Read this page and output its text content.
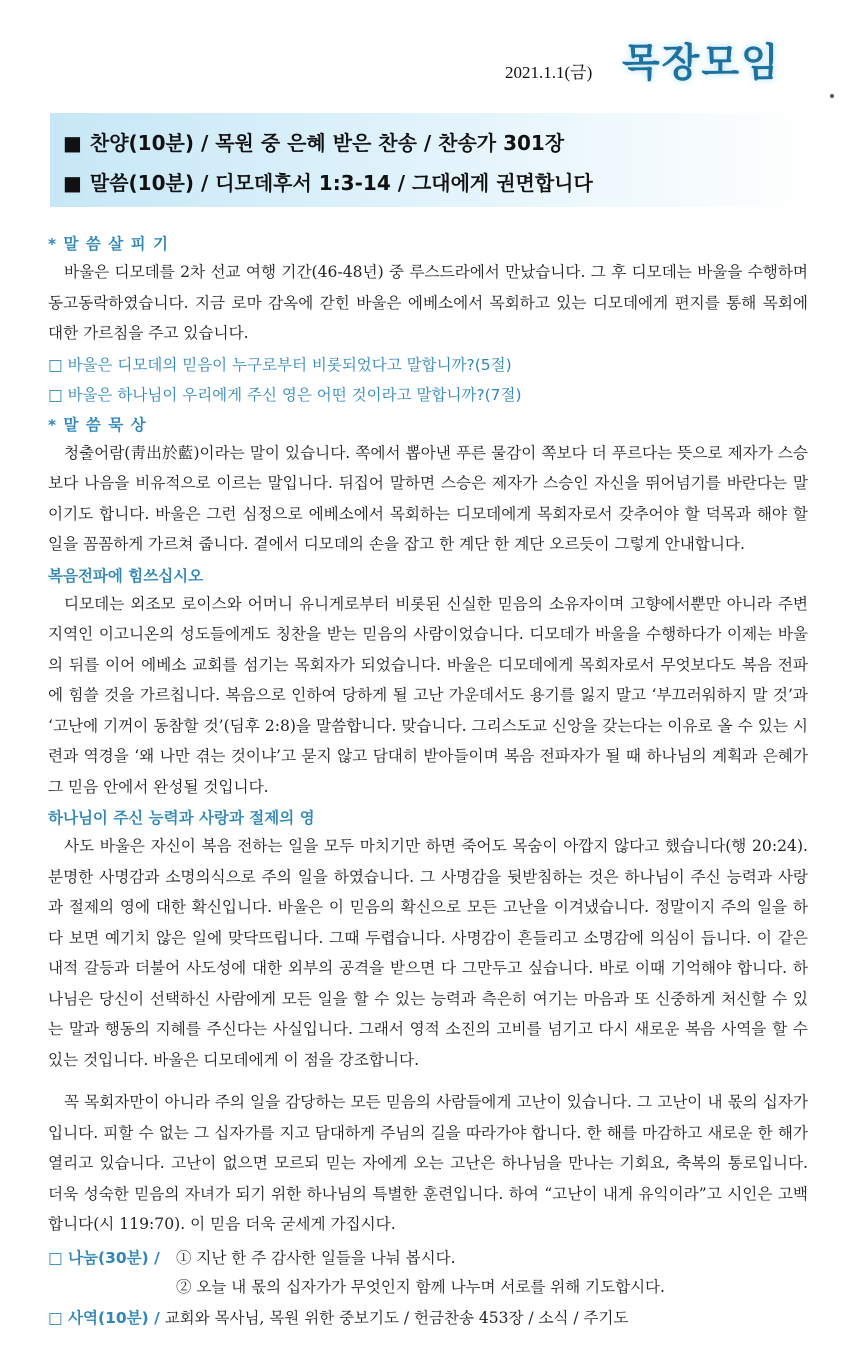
2021.1.1(금) 목장모임
■ 찬양(10분) / 목원 중 은혜 받은 찬송 / 찬송가 301장
■ 말씀(10분) / 디모데후서 1:3-14 / 그대에게 권면합니다
* 말 씀 살 피 기

바울은 디모데를 2차 선교 여행 기간(46-48년) 중 루스드라에서 만났습니다. 그 후 디모데는 바울을 수행하며 동고동락하였습니다. 지금 로마 감옥에 갇힌 바울은 에베소에서 목회하고 있는 디모데에게 편지를 통해 목회에 대한 가르침을 주고 있습니다.

□ 바울은 디모데의 믿음이 누구로부터 비롯되었다고 말합니까?(5절)
□ 바울은 하나님이 우리에게 주신 영은 어떤 것이라고 말합니까?(7절)
* 말 씀 묵 상

청출어람(靑出於藍)이라는 말이 있습니다. 쪽에서 뽑아낸 푸른 물감이 쪽보다 더 푸르다는 뜻으로 제자가 스승보다 나음을 비유적으로 이르는 말입니다. 뒤집어 말하면 스승은 제자가 스승인 자신을 뛰어넘기를 바란다는 말이기도 합니다. 바울은 그런 심정으로 에베소에서 목회하는 디모데에게 목회자로서 갖추어야 할 덕목과 해야 할 일을 꼼꼼하게 가르쳐 줍니다. 곁에서 디모데의 손을 잡고 한 계단 한 계단 오르듯이 그렇게 안내합니다.

복음전파에 힘쓰십시오

디모데는 외조모 로이스와 어머니 유니게로부터 비롯된 신실한 믿음의 소유자이며 고향에서뿐만 아니라 주변 지역인 이고니온의 성도들에게도 칭찬을 받는 믿음의 사람이었습니다. 디모데가 바울을 수행하다가 이제는 바울의 뒤를 이어 에베소 교회를 섬기는 목회자가 되었습니다. 바울은 디모데에게 목회자로서 무엇보다도 복음 전파에 힘쓸 것을 가르칩니다. 복음으로 인하여 당하게 될 고난 가운데서도 용기를 잃지 말고 ‘부끄러워하지 말 것’과 ‘고난에 기꺼이 동참할 것’(딤후 2:8)을 말씀합니다. 맞습니다. 그리스도교 신앙을 갖는다는 이유로 올 수 있는 시련과 역경을 ‘왜 나만 겪는 것이냐’고 묻지 않고 담대히 받아들이며 복음 전파자가 될 때 하나님의 계획과 은혜가 그 믿음 안에서 완성될 것입니다.

하나님이 주신 능력과 사랑과 절제의 영

사도 바울은 자신이 복음 전하는 일을 모두 마치기만 하면 죽어도 목숨이 아깝지 않다고 했습니다(행 20:24). 분명한 사명감과 소명의식으로 주의 일을 하였습니다. 그 사명감을 뒷받침하는 것은 하나님이 주신 능력과 사랑과 절제의 영에 대한 확신입니다. 바울은 이 믿음의 확신으로 모든 고난을 이겨냈습니다. 정말이지 주의 일을 하다 보면 예기치 않은 일에 맞닥뜨립니다. 그때 두렵습니다. 사명감이 흔들리고 소명감에 의심이 듭니다. 이 같은 내적 갈등과 더불어 사도성에 대한 외부의 공격을 받으면 다 그만두고 싶습니다. 바로 이때 기억해야 합니다. 하나님은 당신이 선택하신 사람에게 모든 일을 할 수 있는 능력과 측은히 여기는 마음과 또 신중하게 처신할 수 있는 말과 행동의 지혜를 주신다는 사실입니다. 그래서 영적 소진의 고비를 넘기고 다시 새로운 복음 사역을 할 수 있는 것입니다. 바울은 디모데에게 이 점을 강조합니다.

꼭 목회자만이 아니라 주의 일을 감당하는 모든 믿음의 사람들에게 고난이 있습니다. 그 고난이 내 몫의 십자가입니다. 피할 수 없는 그 십자가를 지고 담대하게 주님의 길을 따라가야 합니다. 한 해를 마감하고 새로운 한 해가 열리고 있습니다. 고난이 없으면 모르되 믿는 자에게 오는 고난은 하나님을 만나는 기회요, 축복의 통로입니다. 더욱 성숙한 믿음의 자녀가 되기 위한 하나님의 특별한 훈련입니다. 하여 “고난이 내게 유익이라”고 시인은 고백합니다(시 119:70). 이 믿음 더욱 굳세게 가집시다.

□ 나눔(30분) / ① 지난 한 주 감사한 일들을 나눠 봅시다.
② 오늘 내 몫의 십자가가 무엇인지 함께 나누며 서로를 위해 기도합시다.
□ 사역(10분) / 교회와 목사님, 목원 위한 중보기도 / 헌금찬송 453장 / 소식 / 주기도
